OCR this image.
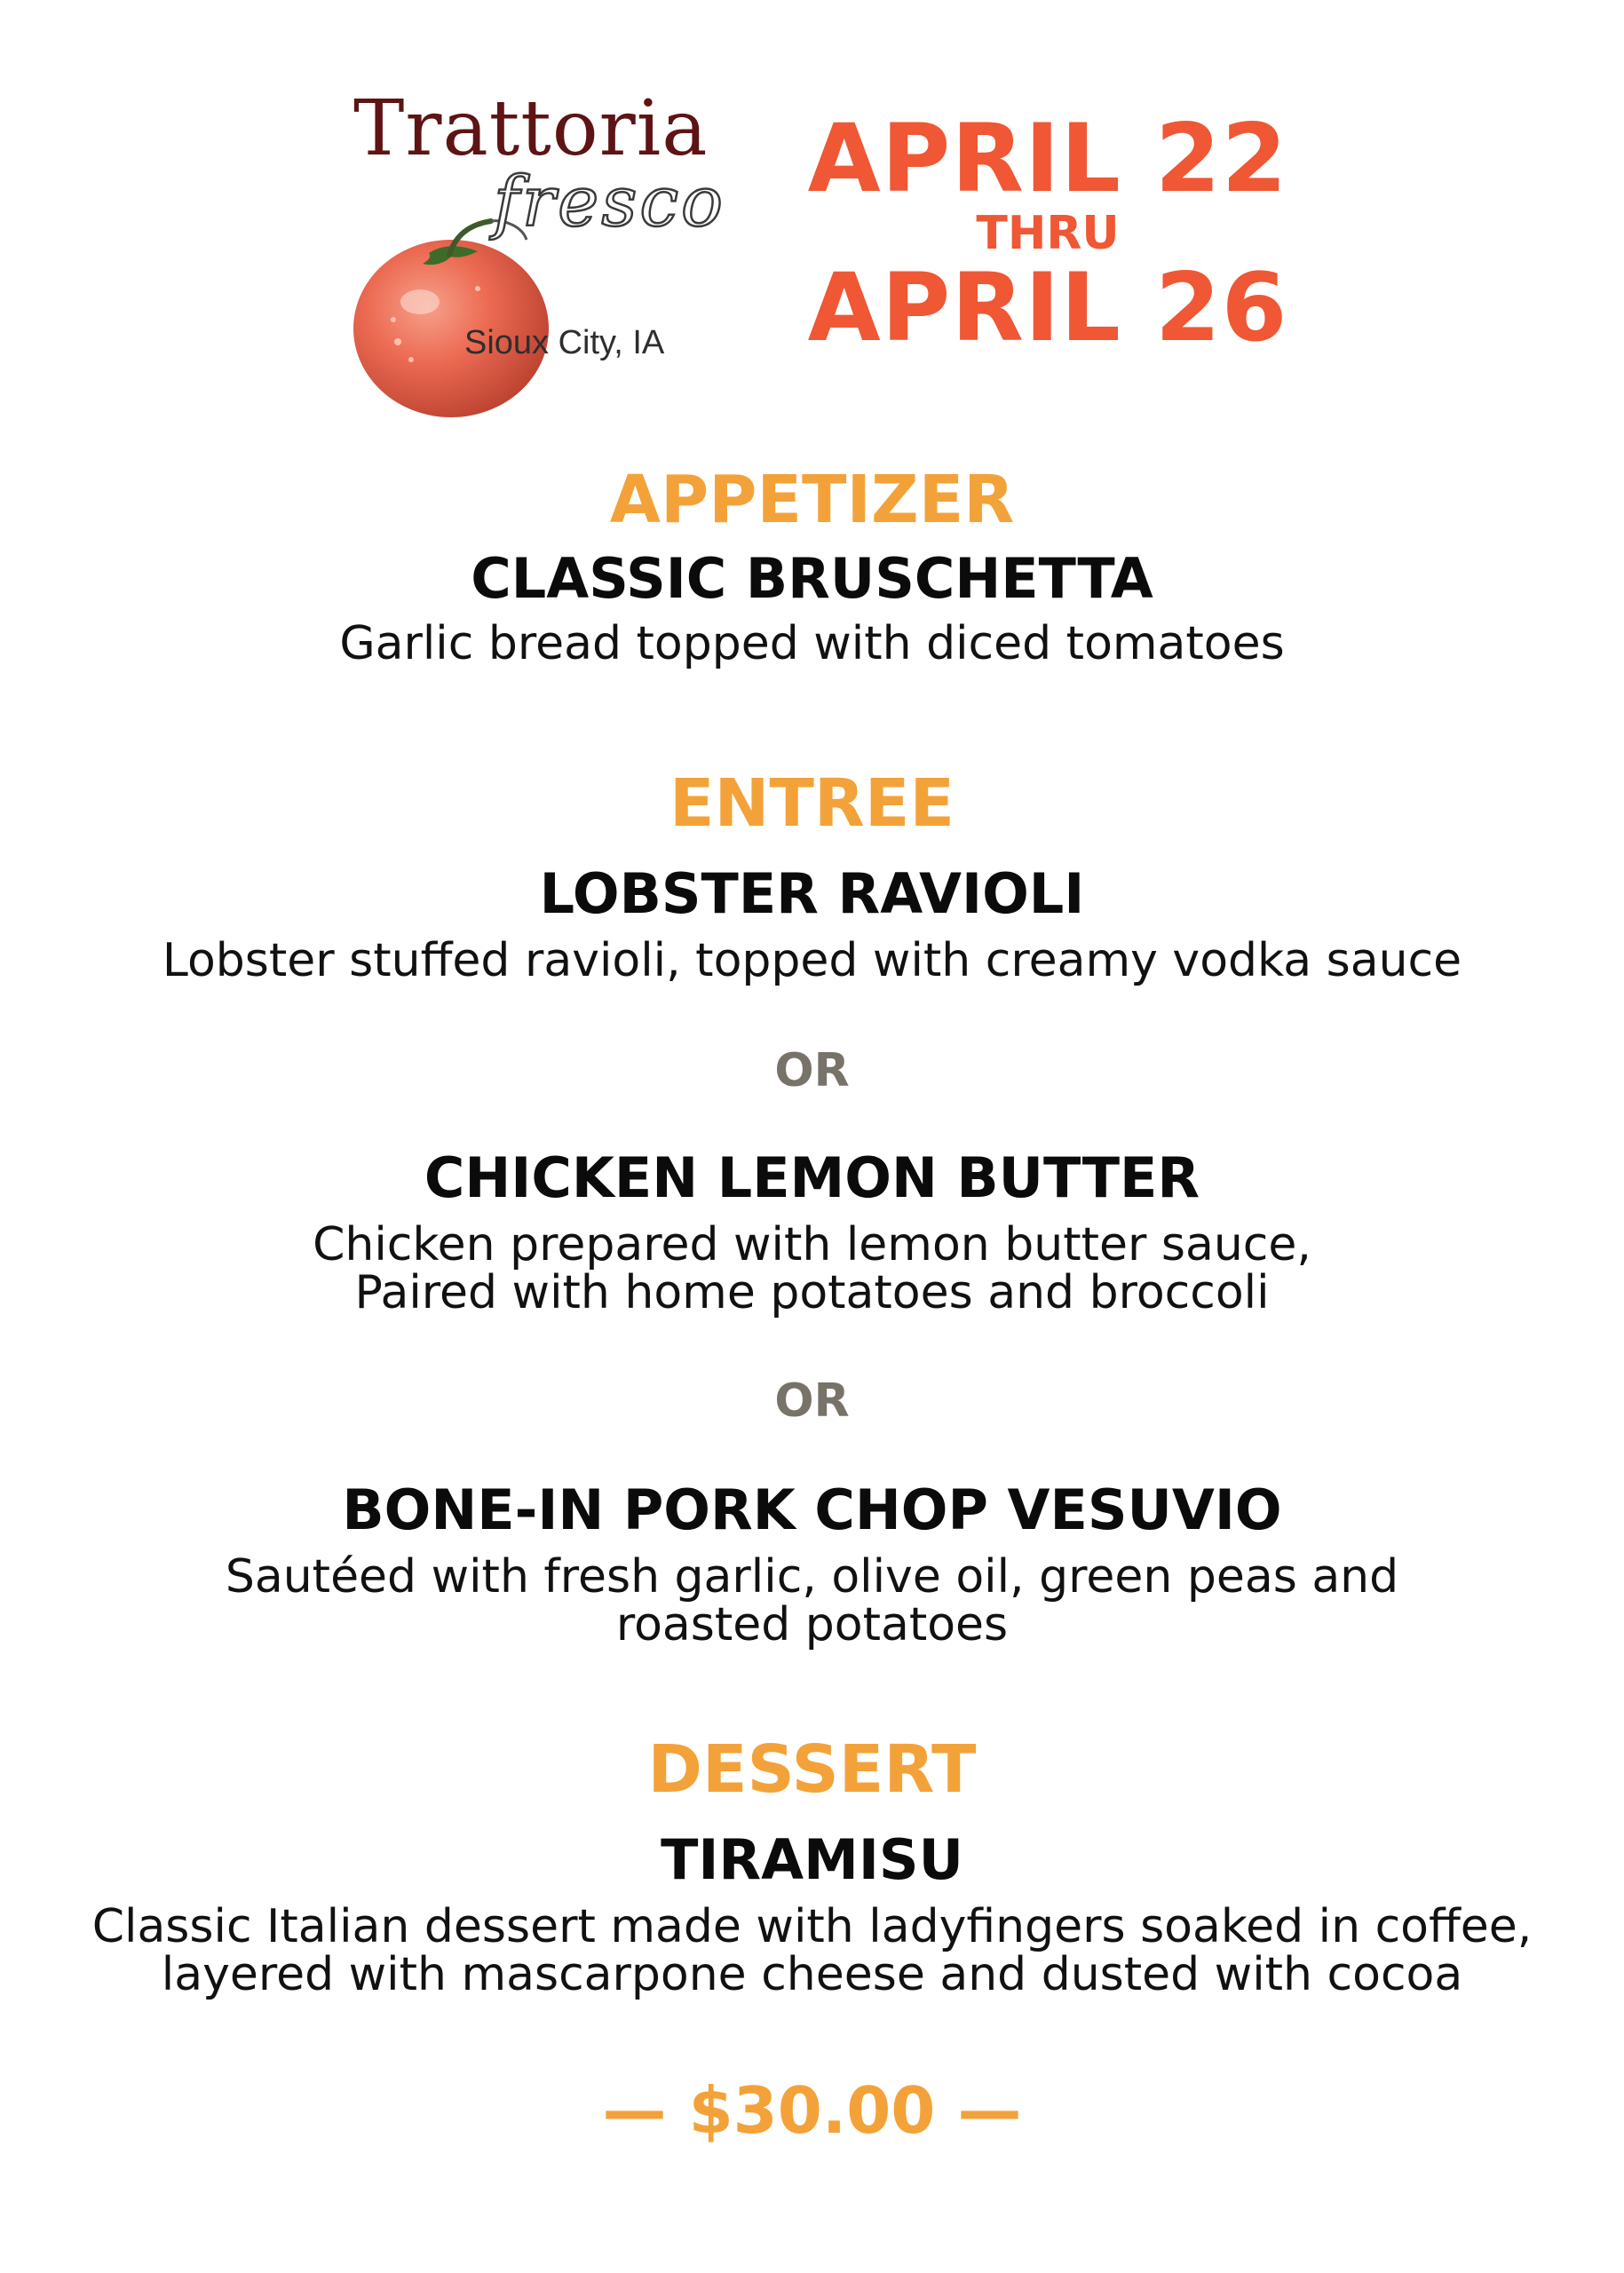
Trattoria
fresco
Sioux City, IA
APRIL 22
THRU
APRIL 26
APPETIZER
CLASSIC BRUSCHETTA
Garlic bread topped with diced tomatoes
ENTREE
LOBSTER RAVIOLI
Lobster stuffed ravioli, topped with creamy vodka sauce
OR
CHICKEN LEMON BUTTER
Chicken prepared with lemon butter sauce,
Paired with home potatoes and broccoli
OR
BONE-IN PORK CHOP VESUVIO
Sautéed with fresh garlic, olive oil, green peas and
roasted potatoes
DESSERT
TIRAMISU
Classic Italian dessert made with ladyfingers soaked in coffee,
layered with mascarpone cheese and dusted with cocoa
— $30.00 —
